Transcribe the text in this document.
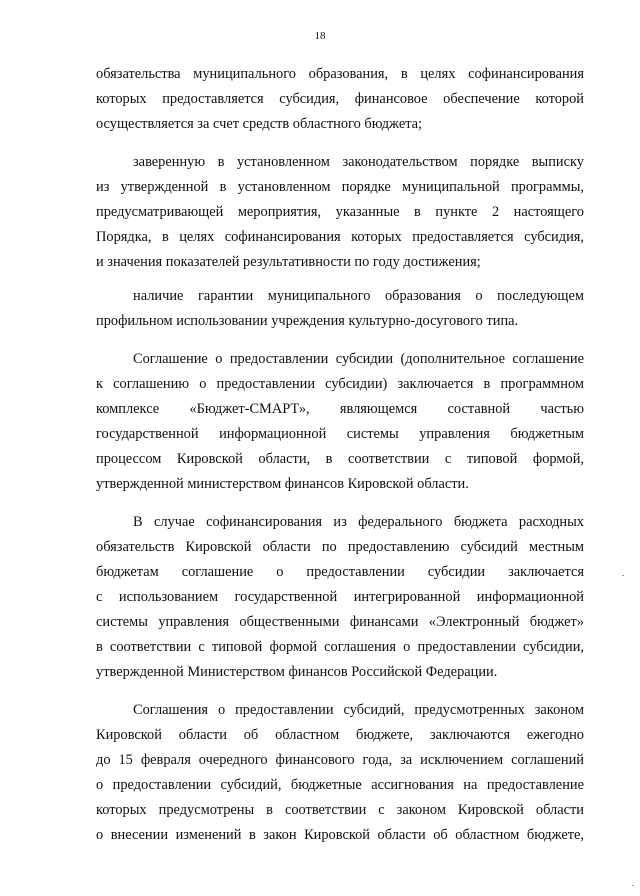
18

обязательства муниципального образования, в целях софинансирования
которых предоставляется субсидия, финансовое обеспечение которой
осуществляется за счет средств областного бюджета;

заверенную в установленном законодательством порядке выписку
из утвержденной в установленном порядке муниципальной программы,
предусматривающей мероприятия, указанные в пункте 2 настоящего
Порядка, в целях софинансирования которых предоставляется субсидия,
и значения показателей результативности по году достижения;

наличие гарантии муниципального образования о последующем
профильном использовании учреждения культурно-досугового типа.

Соглашение о предоставлении субсидии (дополнительное соглашение
к соглашению о предоставлении субсидии) заключается в программном
комплексе «Бюджет-СМАРТ», являющемся составной частью
государственной информационной системы управления бюджетным
процессом Кировской области, в соответствии с типовой формой,
утвержденной министерством финансов Кировской области.

В случае софинансирования из федерального бюджета расходных
обязательств Кировской области по предоставлению субсидий местным
бюджетам соглашение о предоставлении субсидии заключается
с использованием государственной интегрированной информационной
системы управления общественными финансами «Электронный бюджет»
в соответствии с типовой формой соглашения о предоставлении субсидии,
утвержденной Министерством финансов Российской Федерации.

Соглашения о предоставлении субсидий, предусмотренных законом
Кировской области об областном бюджете, заключаются ежегодно
до 15 февраля очередного финансового года, за исключением соглашений
о предоставлении субсидий, бюджетные ассигнования на предоставление
которых предусмотрены в соответствии с законом Кировской области
о внесении изменений в закон Кировской области об областном бюджете,
